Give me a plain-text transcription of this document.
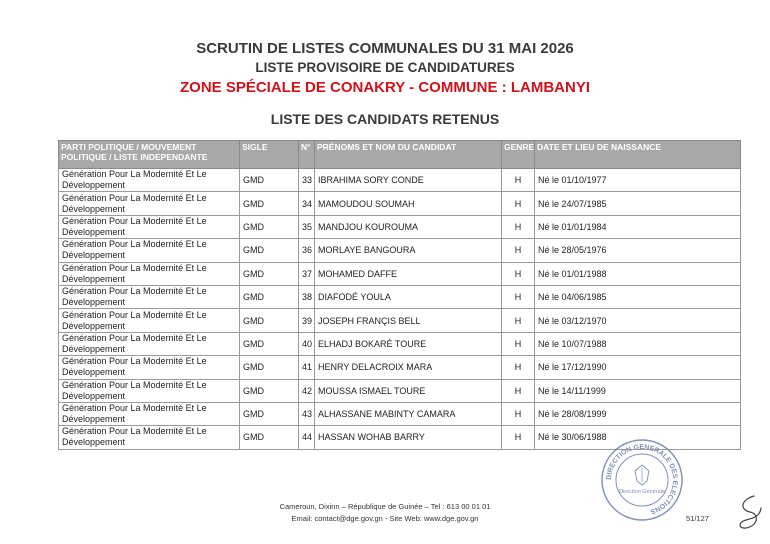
SCRUTIN DE LISTES COMMUNALES DU 31 MAI 2026
LISTE PROVISOIRE DE CANDIDATURES
ZONE SPÉCIALE DE CONAKRY - COMMUNE : LAMBANYI
LISTE DES CANDIDATS RETENUS
PARTI POLITIQUE / MOUVEMENT
POLITIQUE / LISTE INDEPENDANTE	SIGLE	N°	PRÉNOMS ET NOM DU CANDIDAT	GENRE	DATE ET LIEU DE NAISSANCE
Génération Pour La Modernité Et Le Développement	GMD	33	IBRAHIMA SORY CONDE	H	Né le 01/10/1977
Génération Pour La Modernité Et Le Développement	GMD	34	MAMOUDOU SOUMAH	H	Né le 24/07/1985
Génération Pour La Modernité Et Le Développement	GMD	35	MANDJOU KOUROUMA	H	Né le 01/01/1984
Génération Pour La Modernité Et Le Développement	GMD	36	MORLAYE BANGOURA	H	Né le 28/05/1976
Génération Pour La Modernité Et Le Développement	GMD	37	MOHAMED DAFFE	H	Né le 01/01/1988
Génération Pour La Modernité Et Le Développement	GMD	38	DIAFODÉ YOULA	H	Né le 04/06/1985
Génération Pour La Modernité Et Le Développement	GMD	39	JOSEPH FRANÇIS BELL	H	Né le 03/12/1970
Génération Pour La Modernité Et Le Développement	GMD	40	ELHADJ BOKARÉ TOURE	H	Né le 10/07/1988
Génération Pour La Modernité Et Le Développement	GMD	41	HENRY DELACROIX MARA	H	Né le 17/12/1990
Génération Pour La Modernité Et Le Développement	GMD	42	MOUSSA ISMAEL TOURE	H	Né le 14/11/1999
Génération Pour La Modernité Et Le Développement	GMD	43	ALHASSANE MABINTY CAMARA	H	Né le 28/08/1999
Génération Pour La Modernité Et Le Développement	GMD	44	HASSAN WOHAB BARRY	H	Né le 30/06/1988
DIRECTION GENERALE DES ELECTIONS
Direction Générale
Cameroun, Dixinn – République de Guinée – Tel : 613 00 01 01
Email: contact@dge.gov.gn - Site Web: www.dge.gov.gn	51/127
